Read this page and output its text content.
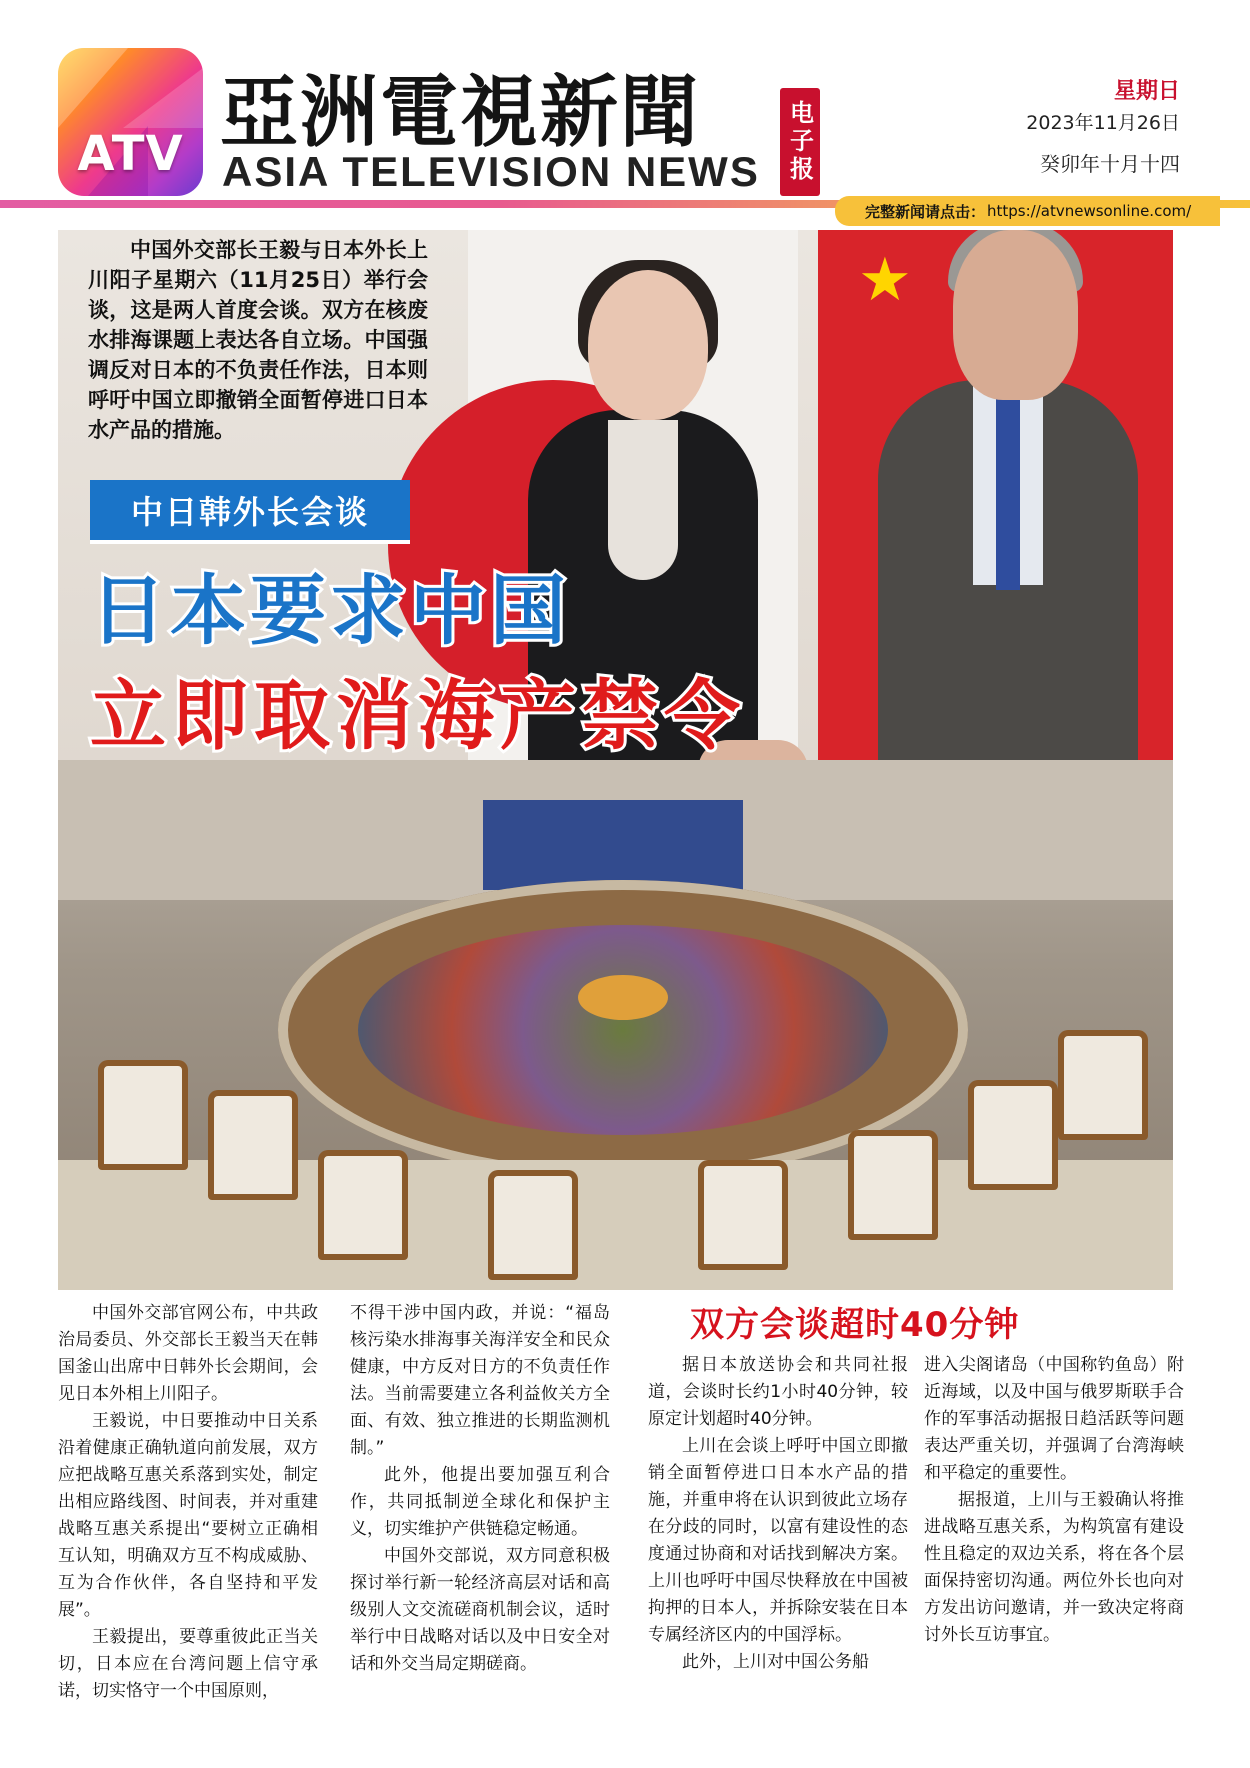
ATV 亞洲電視新聞
ASIA TELEVISION NEWS 电子报
星期日
2023年11月26日
癸卯年十月十四
完整新闻请点击： https://atvnewsonline.com/
★
中国外交部长王毅与日本外长上川阳子星期六（11月25日）举行会谈，这是两人首度会谈。双方在核废水排海课题上表达各自立场。中国强调反对日本的不负责任作法，日本则呼吁中国立即撤销全面暂停进口日本水产品的措施。
中日韩外长会谈
日本要求中国
立即取消海产禁令

中国外交部官网公布，中共政治局委员、外交部长王毅当天在韩国釜山出席中日韩外长会期间，会见日本外相上川阳子。

王毅说，中日要推动中日关系沿着健康正确轨道向前发展，双方应把战略互惠关系落到实处，制定出相应路线图、时间表，并对重建战略互惠关系提出“要树立正确相互认知，明确双方互不构成威胁、互为合作伙伴，各自坚持和平发展”。

王毅提出，要尊重彼此正当关切，日本应在台湾问题上信守承诺，切实恪守一个中国原则，

不得干涉中国内政，并说：“福岛核污染水排海事关海洋安全和民众健康，中方反对日方的不负责任作法。当前需要建立各利益攸关方全面、有效、独立推进的长期监测机制。”

此外，他提出要加强互利合作，共同抵制逆全球化和保护主义，切实维护产供链稳定畅通。

中国外交部说，双方同意积极探讨举行新一轮经济高层对话和高级别人文交流磋商机制会议，适时举行中日战略对话以及中日安全对话和外交当局定期磋商。

双方会谈超时40分钟

据日本放送协会和共同社报道，会谈时长约1小时40分钟，较原定计划超时40分钟。

上川在会谈上呼吁中国立即撤销全面暂停进口日本水产品的措施，并重申将在认识到彼此立场存在分歧的同时，以富有建设性的态度通过协商和对话找到解决方案。上川也呼吁中国尽快释放在中国被拘押的日本人，并拆除安装在日本专属经济区内的中国浮标。

此外，上川对中国公务船

进入尖阁诸岛（中国称钓鱼岛）附近海域，以及中国与俄罗斯联手合作的军事活动据报日趋活跃等问题表达严重关切，并强调了台湾海峡和平稳定的重要性。

据报道，上川与王毅确认将推进战略互惠关系，为构筑富有建设性且稳定的双边关系，将在各个层面保持密切沟通。两位外长也向对方发出访问邀请，并一致决定将商讨外长互访事宜。
